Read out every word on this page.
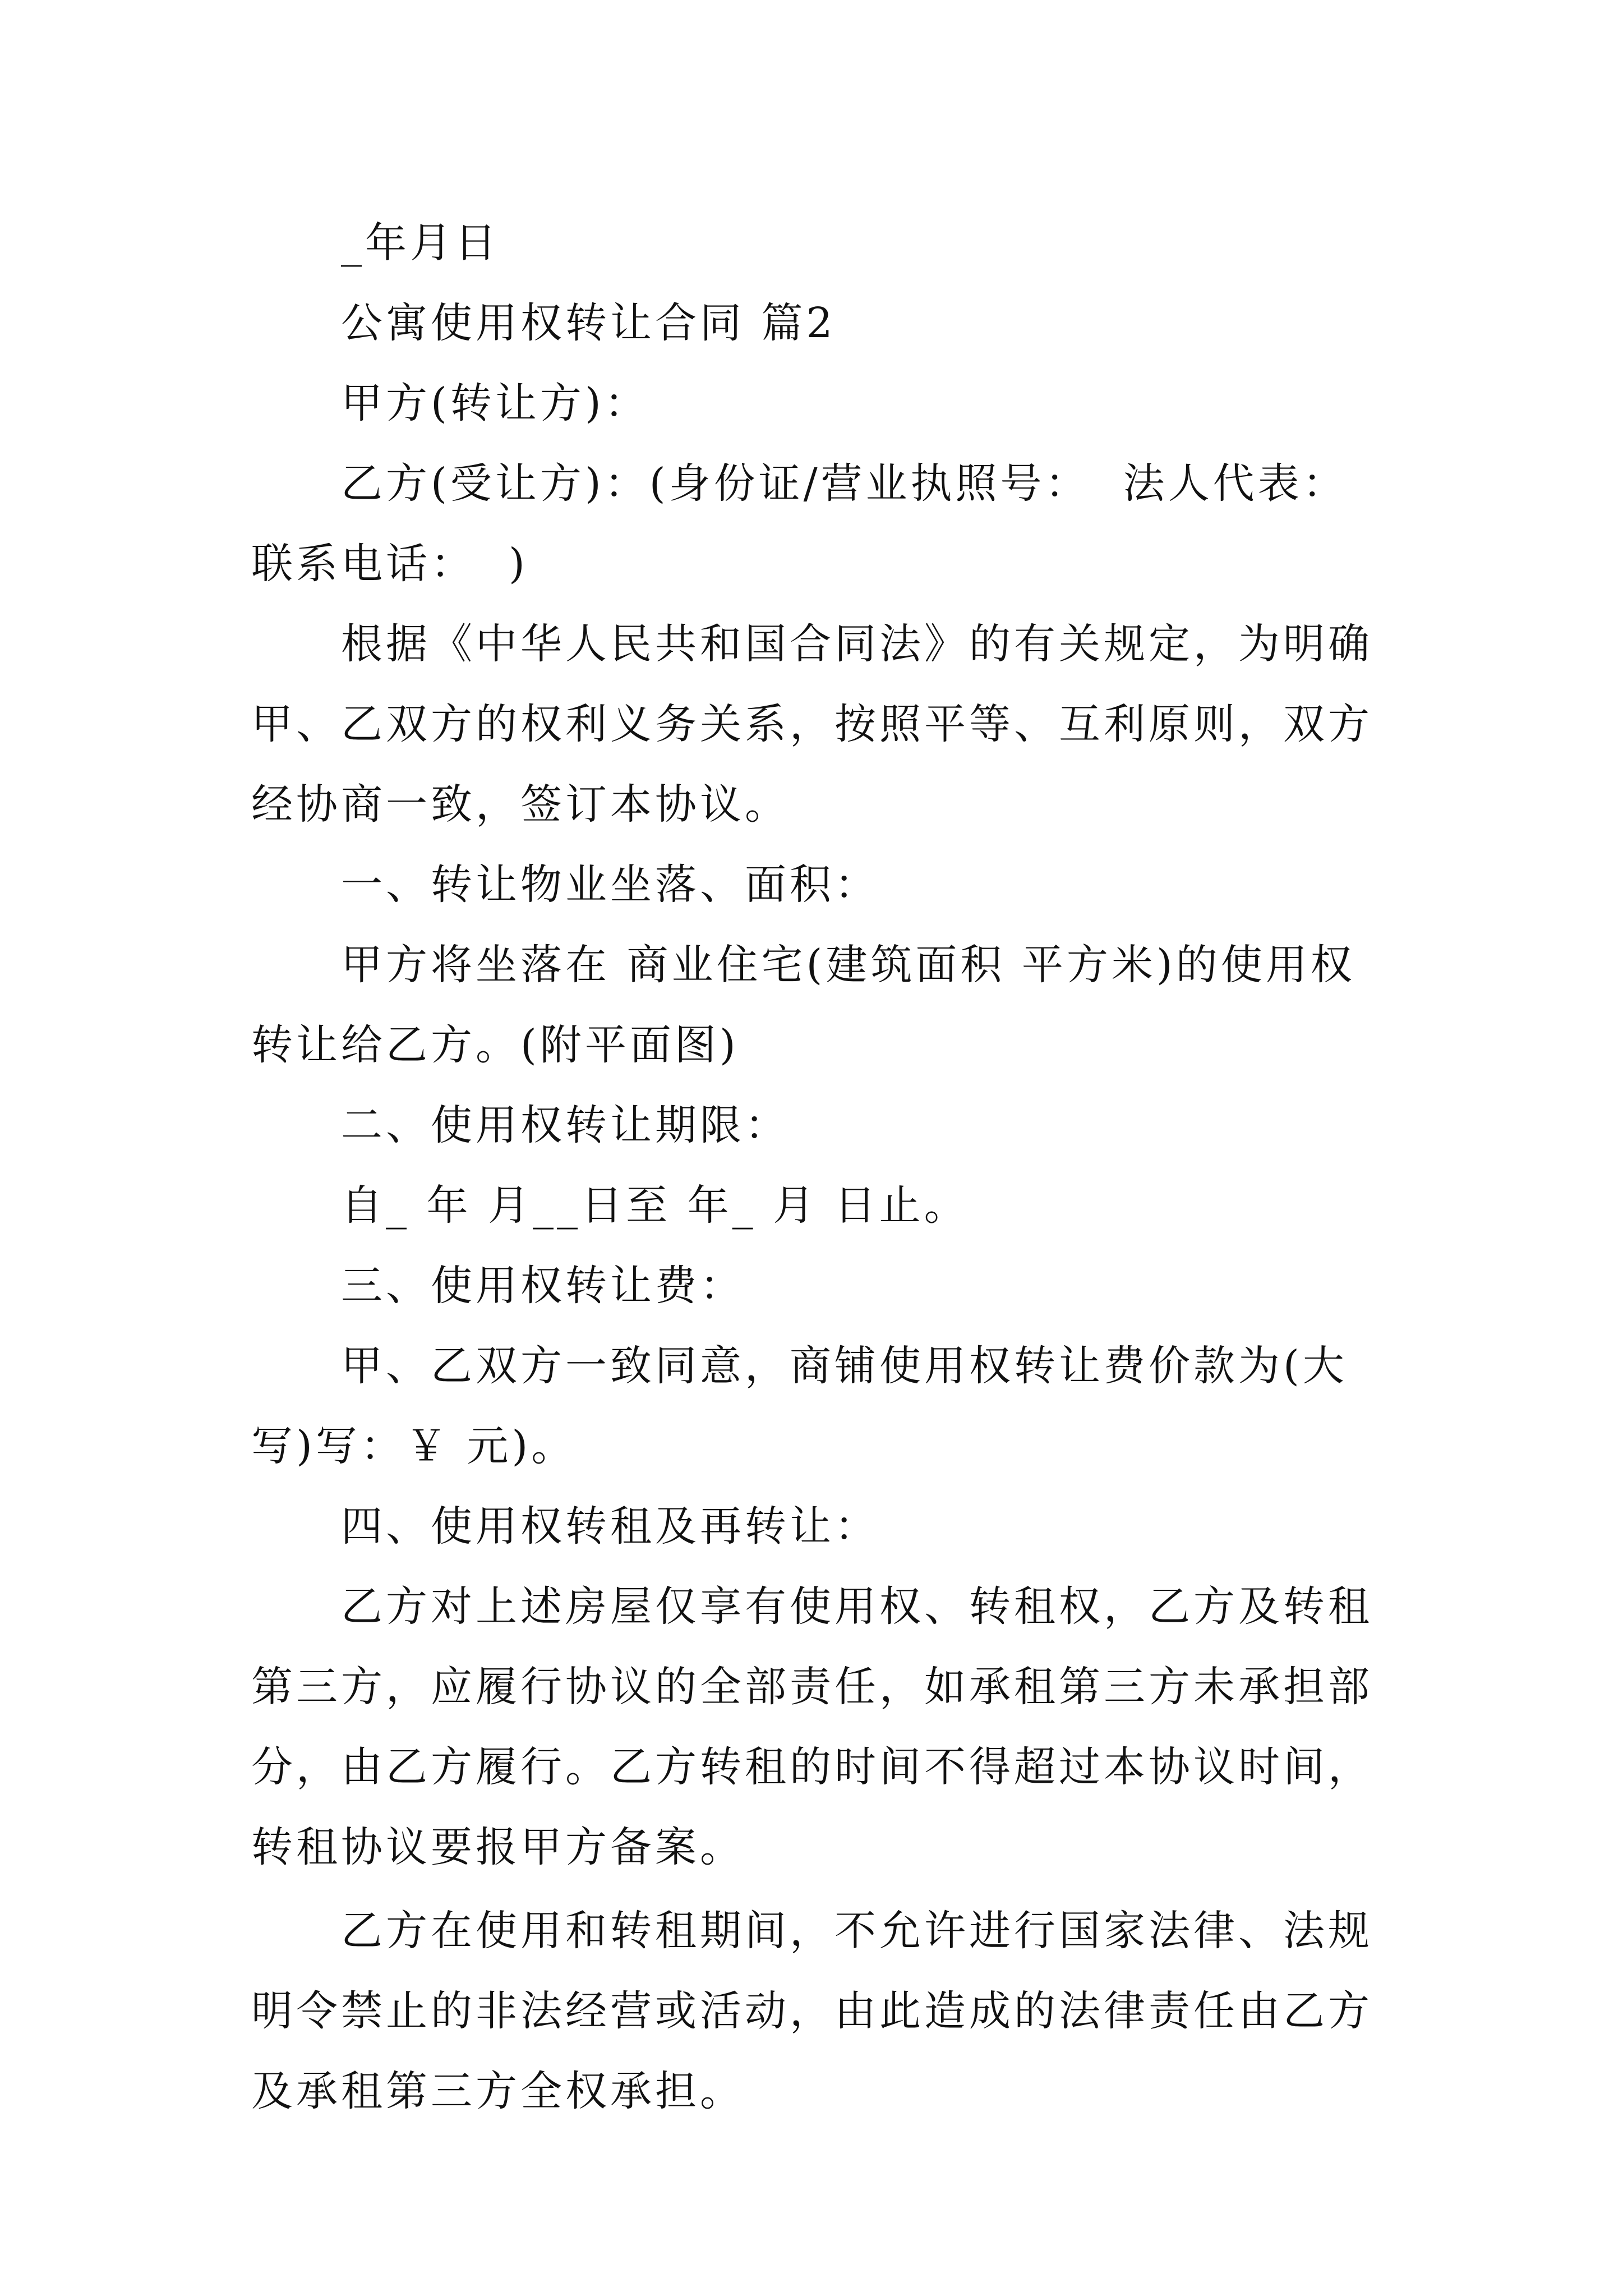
_年月日

公寓使用权转让合同 篇2

甲方(转让方)：

乙方(受让方)：(身份证/营业执照号：  法人代表：联系电话：  )

根据《中华人民共和国合同法》的有关规定，为明确甲、乙双方的权利义务关系，按照平等、互利原则，双方经协商一致，签订本协议。

一、转让物业坐落、面积：

甲方将坐落在 商业住宅(建筑面积 平方米)的使用权转让给乙方。(附平面图)

二、使用权转让期限：

自_ 年 月__日至 年_ 月 日止。

三、使用权转让费：

甲、乙双方一致同意，商铺使用权转让费价款为(大写)写：￥ 元)。

四、使用权转租及再转让：

乙方对上述房屋仅享有使用权、转租权，乙方及转租第三方，应履行协议的全部责任，如承租第三方未承担部分，由乙方履行。乙方转租的时间不得超过本协议时间，转租协议要报甲方备案。

乙方在使用和转租期间，不允许进行国家法律、法规明令禁止的非法经营或活动，由此造成的法律责任由乙方及承租第三方全权承担。
